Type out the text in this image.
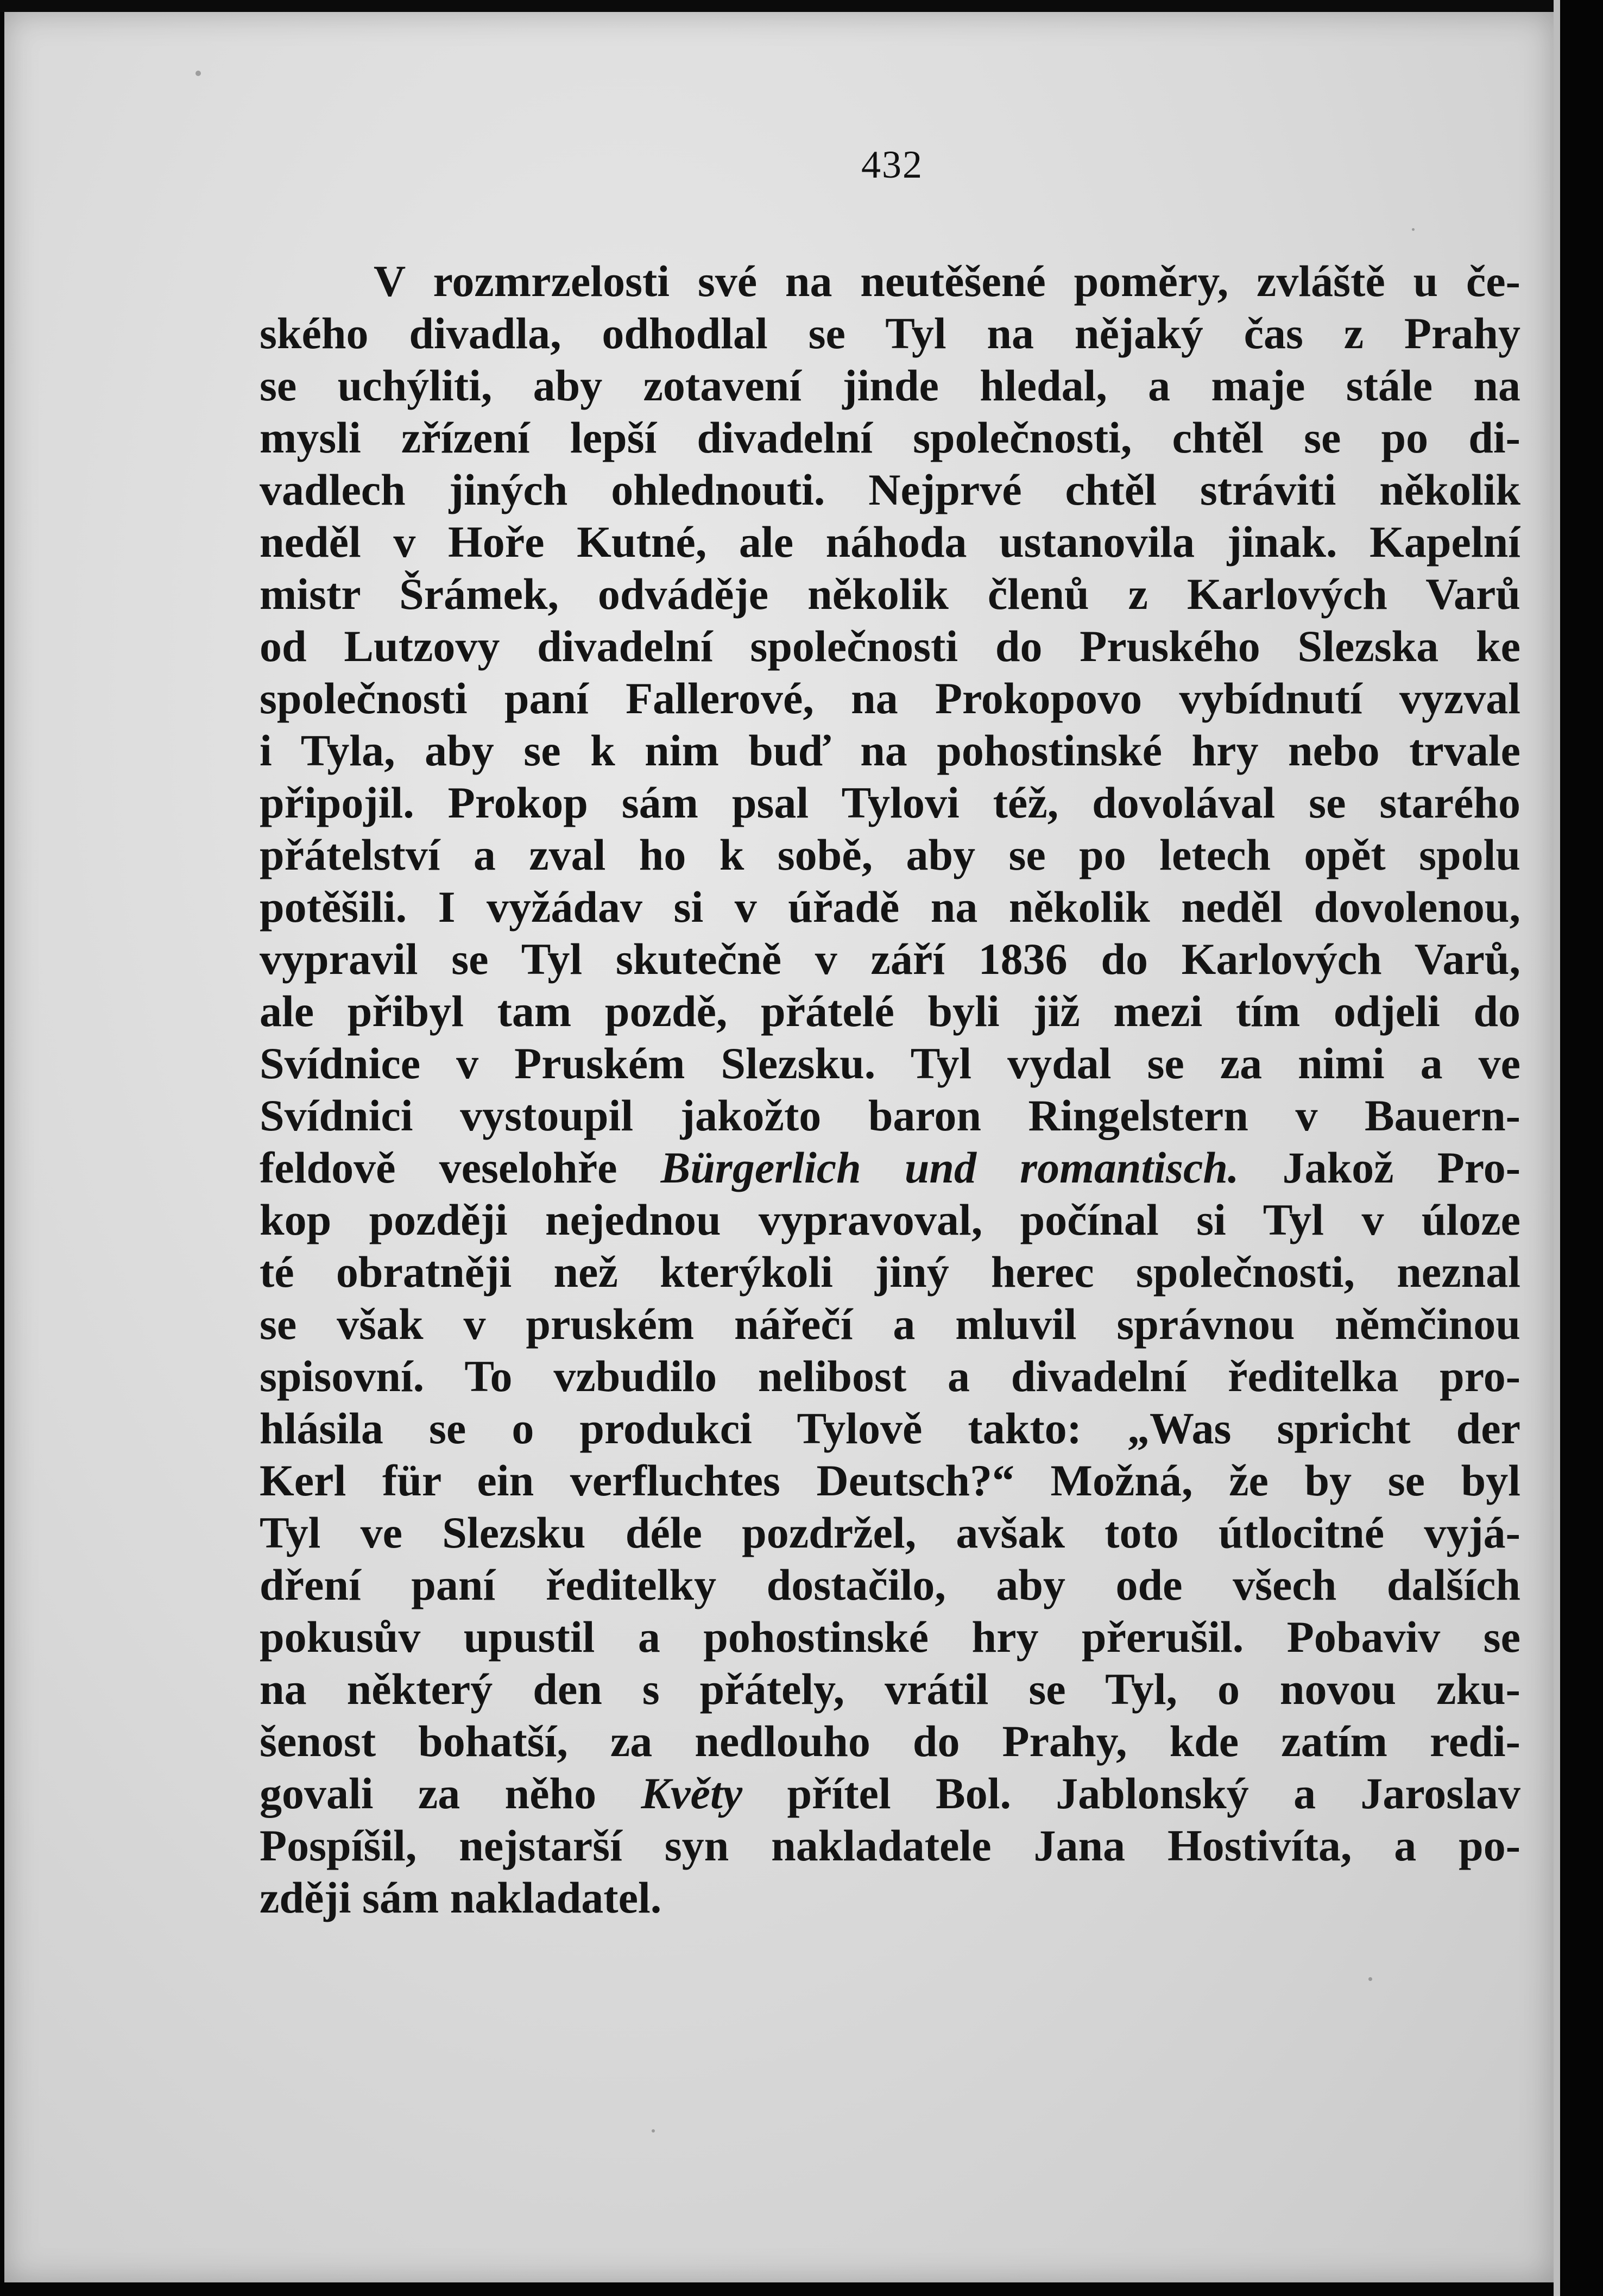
432
V rozmrzelosti své na neutěšené poměry, zvláště u če-
ského divadla, odhodlal se Tyl na nějaký čas z Prahy
se uchýliti, aby zotavení jinde hledal, a maje stále na
mysli zřízení lepší divadelní společnosti, chtěl se po di-
vadlech jiných ohlednouti. Nejprvé chtěl stráviti několik
neděl v Hoře Kutné, ale náhoda ustanovila jinak. Kapelní
mistr Šrámek, odváděje několik členů z Karlových Varů
od Lutzovy divadelní společnosti do Pruského Slezska ke
společnosti paní Fallerové, na Prokopovo vybídnutí vyzval
i Tyla, aby se k nim buď na pohostinské hry nebo trvale
připojil. Prokop sám psal Tylovi též, dovolával se starého
přátelství a zval ho k sobě, aby se po letech opět spolu
potěšili. I vyžádav si v úřadě na několik neděl dovolenou,
vypravil se Tyl skutečně v září 1836 do Karlových Varů,
ale přibyl tam pozdě, přátelé byli již mezi tím odjeli do
Svídnice v Pruském Slezsku. Tyl vydal se za nimi a ve
Svídnici vystoupil jakožto baron Ringelstern v Bauern-
feldově veselohře Bürgerlich und romantisch. Jakož Pro-
kop později nejednou vypravoval, počínal si Tyl v úloze
té obratněji než kterýkoli jiný herec společnosti, neznal
se však v pruském nářečí a mluvil správnou němčinou
spisovní. To vzbudilo nelibost a divadelní ředitelka pro-
hlásila se o produkci Tylově takto: „Was spricht der
Kerl für ein verfluchtes Deutsch?“ Možná, že by se byl
Tyl ve Slezsku déle pozdržel, avšak toto útlocitné vyjá-
dření paní ředitelky dostačilo, aby ode všech dalších
pokusův upustil a pohostinské hry přerušil. Pobaviv se
na některý den s přátely, vrátil se Tyl, o novou zku-
šenost bohatší, za nedlouho do Prahy, kde zatím redi-
govali za něho Květy přítel Bol. Jablonský a Jaroslav
Pospíšil, nejstarší syn nakladatele Jana Hostivíta, a po-
zději sám nakladatel.
